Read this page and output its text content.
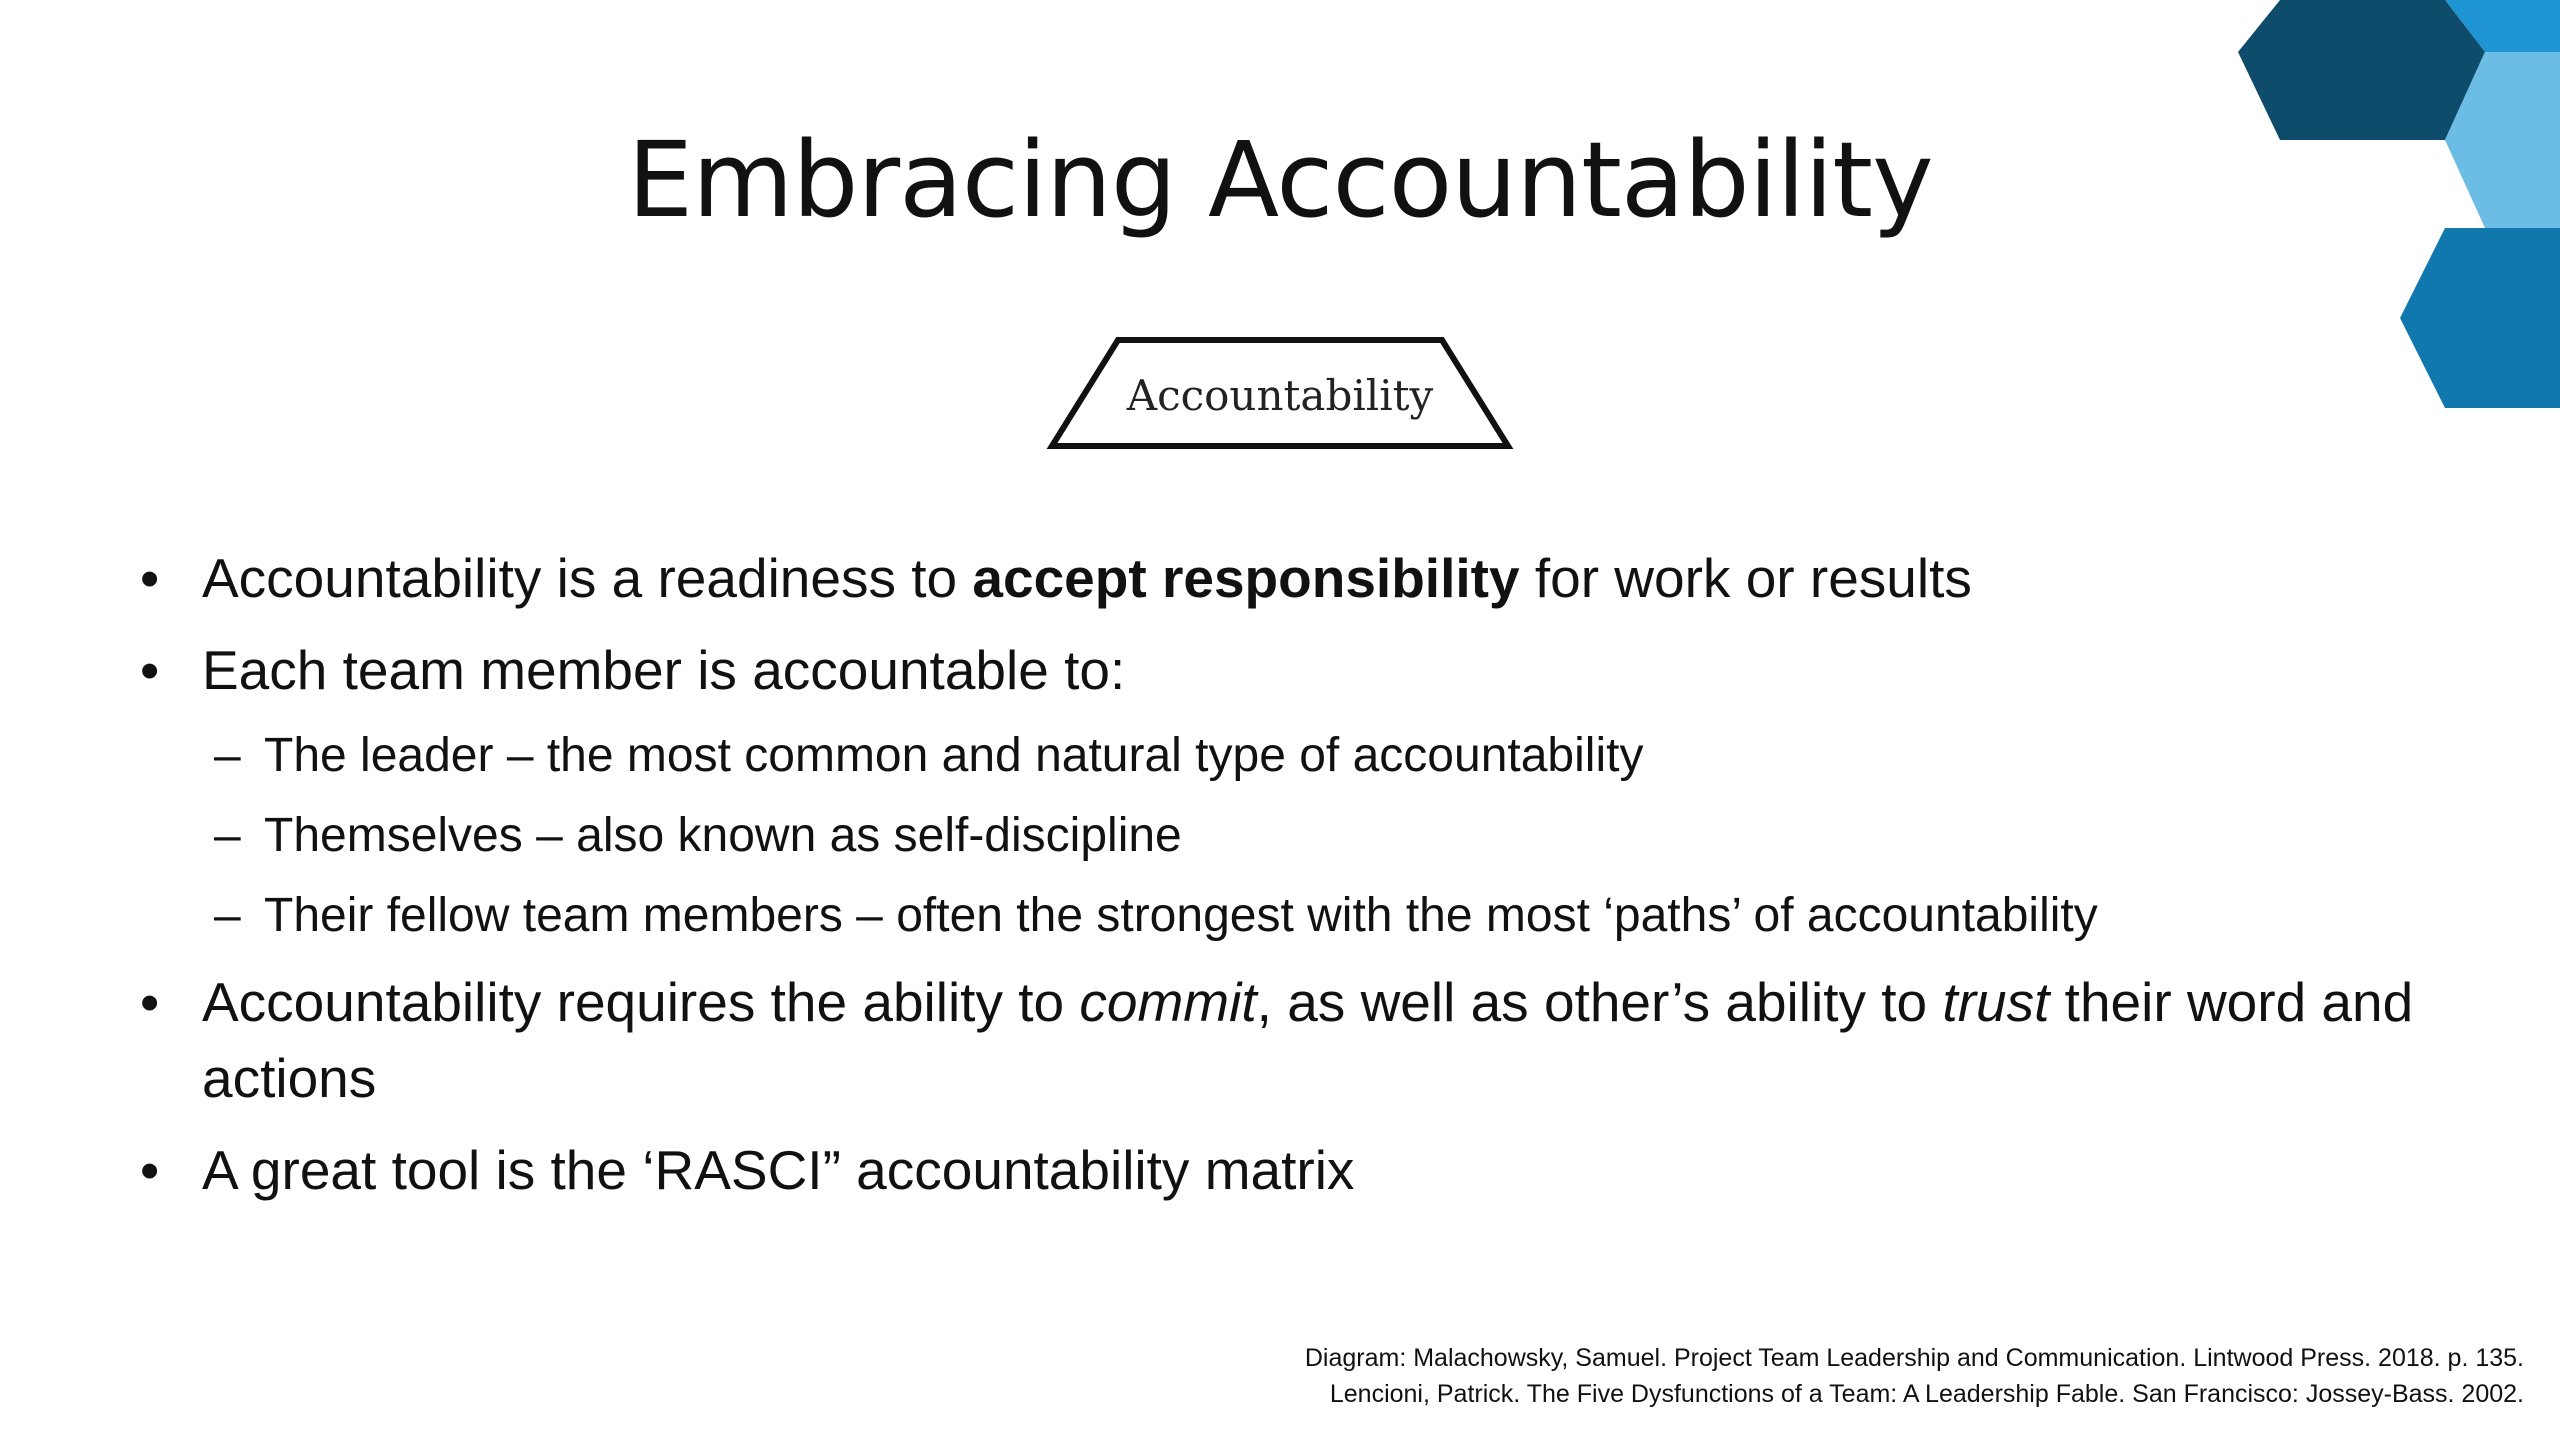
Embracing Accountability
Accountability
• Accountability is a readiness to accept responsibility for work or results
• Each team member is accountable to:
– The leader – the most common and natural type of accountability
– Themselves – also known as self-discipline
– Their fellow team members – often the strongest with the most ‘paths’ of accountability
• Accountability requires the ability to commit, as well as other’s ability to trust their word and actions
• A great tool is the ‘RASCI” accountability matrix
Diagram: Malachowsky, Samuel. Project Team Leadership and Communication. Lintwood Press. 2018. p. 135.
Lencioni, Patrick. The Five Dysfunctions of a Team: A Leadership Fable. San Francisco: Jossey-Bass. 2002.
